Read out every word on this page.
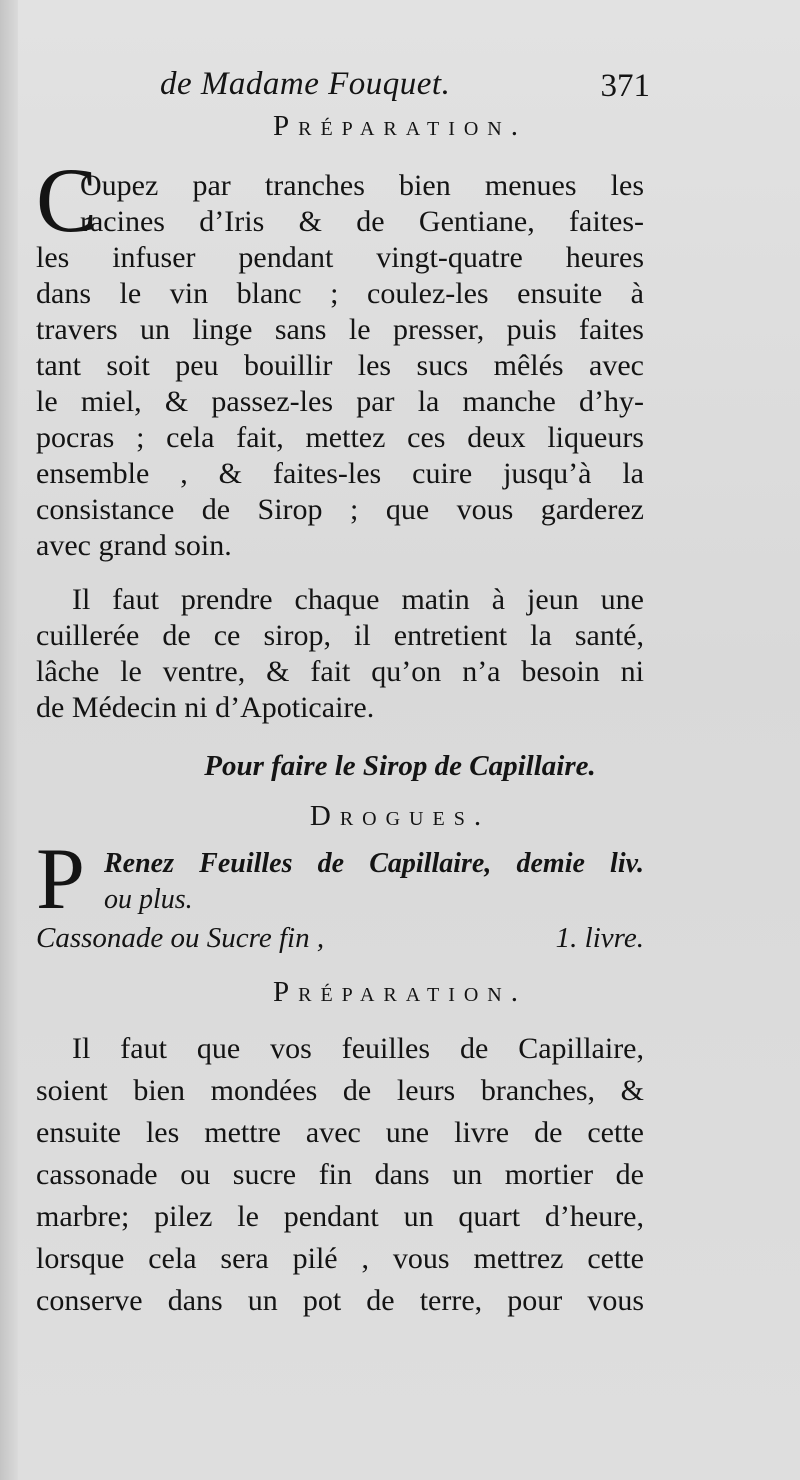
de Madame Fouquet.	371
Préparation.
C
Oupez par tranches bien menues les
racines d’Iris & de Gentiane, faites-
les infuser pendant vingt-quatre heures
dans le vin blanc ; coulez-les ensuite à
travers un linge sans le presser, puis faites
tant soit peu bouillir les sucs mêlés avec
le miel, & passez-les par la manche d’hy-
pocras ; cela fait, mettez ces deux liqueurs
ensemble , & faites-les cuire jusqu’à la
consistance de Sirop ; que vous garderez
avec grand soin.
Il faut prendre chaque matin à jeun une
cuillerée de ce sirop, il entretient la santé,
lâche le ventre, & fait qu’on n’a besoin ni
de Médecin ni d’Apoticaire.
Pour faire le Sirop de Capillaire.
Drogues.
P Renez Feuilles de Capillaire, demie liv.
ou plus.
Cassonade ou Sucre fin ,	1. livre.
Préparation.
Il faut que vos feuilles de Capillaire,
soient bien mondées de leurs branches, &
ensuite les mettre avec une livre de cette
cassonade ou sucre fin dans un mortier de
marbre; pilez le pendant un quart d’heure,
lorsque cela sera pilé , vous mettrez cette
conserve dans un pot de terre, pour vous
